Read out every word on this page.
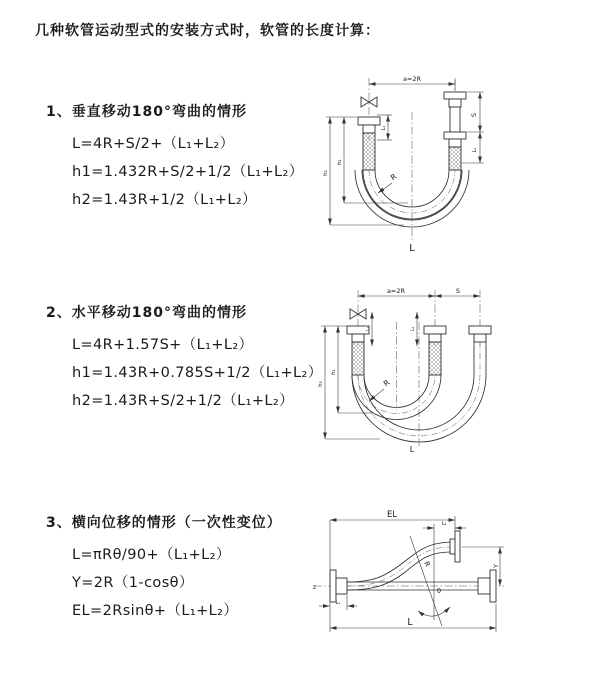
几种软管运动型式的安装方式时，软管的长度计算：
1、垂直移动180°弯曲的情形
L=4R+S/2+（L₁+L₂）
h1=1.432R+S/2+1/2（L₁+L₂）
h2=1.43R+1/2（L₁+L₂）
2、水平移动180°弯曲的情形
L=4R+1.57S+（L₁+L₂）
h1=1.43R+0.785S+1/2（L₁+L₂）
h2=1.43R+S/2+1/2（L₁+L₂）
3、横向位移的情形（一次性变位）
L=πRθ/90+（L₁+L₂）
Y=2R（1-cosθ）
EL=2Rsinθ+（L₁+L₂）
a=2R
S
L₂
h₁
h₂
L₁
R
L
a=2R	S
L₁	L₂
h₁
h₂	R
L
EL
L₂
Y
L
L₁
R
θ
z
